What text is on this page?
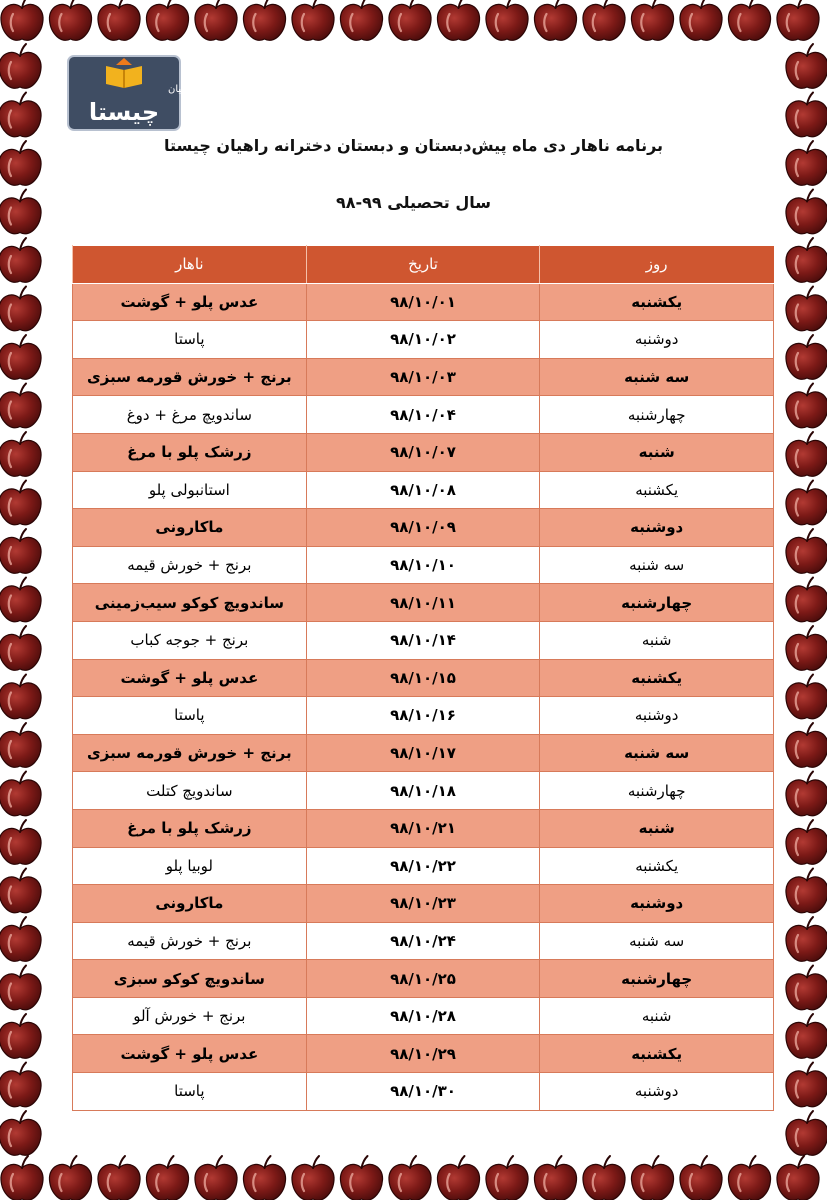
راهیان
چیستا
برنامه ناهار دی ماه پیش‌دبستان و دبستان دخترانه راهیان چیستا
سال تحصیلی ۹۹-۹۸
روز	تاریخ	ناهار
یکشنبه	۹۸/۱۰/۰۱	عدس پلو + گوشت
دوشنبه	۹۸/۱۰/۰۲	پاستا
سه شنبه	۹۸/۱۰/۰۳	برنج + خورش قورمه سبزی
چهارشنبه	۹۸/۱۰/۰۴	ساندویچ مرغ + دوغ
شنبه	۹۸/۱۰/۰۷	زرشک پلو با مرغ
یکشنبه	۹۸/۱۰/۰۸	استانبولی پلو
دوشنبه	۹۸/۱۰/۰۹	ماکارونی
سه شنبه	۹۸/۱۰/۱۰	برنج + خورش قیمه
چهارشنبه	۹۸/۱۰/۱۱	ساندویچ کوکو سیب‌زمینی
شنبه	۹۸/۱۰/۱۴	برنج + جوجه کباب
یکشنبه	۹۸/۱۰/۱۵	عدس پلو + گوشت
دوشنبه	۹۸/۱۰/۱۶	پاستا
سه شنبه	۹۸/۱۰/۱۷	برنج + خورش قورمه سبزی
چهارشنبه	۹۸/۱۰/۱۸	ساندویچ کتلت
شنبه	۹۸/۱۰/۲۱	زرشک پلو با مرغ
یکشنبه	۹۸/۱۰/۲۲	لوبیا پلو
دوشنبه	۹۸/۱۰/۲۳	ماکارونی
سه شنبه	۹۸/۱۰/۲۴	برنج + خورش قیمه
چهارشنبه	۹۸/۱۰/۲۵	ساندویچ کوکو سبزی
شنبه	۹۸/۱۰/۲۸	برنج + خورش آلو
یکشنبه	۹۸/۱۰/۲۹	عدس پلو + گوشت
دوشنبه	۹۸/۱۰/۳۰	پاستا
